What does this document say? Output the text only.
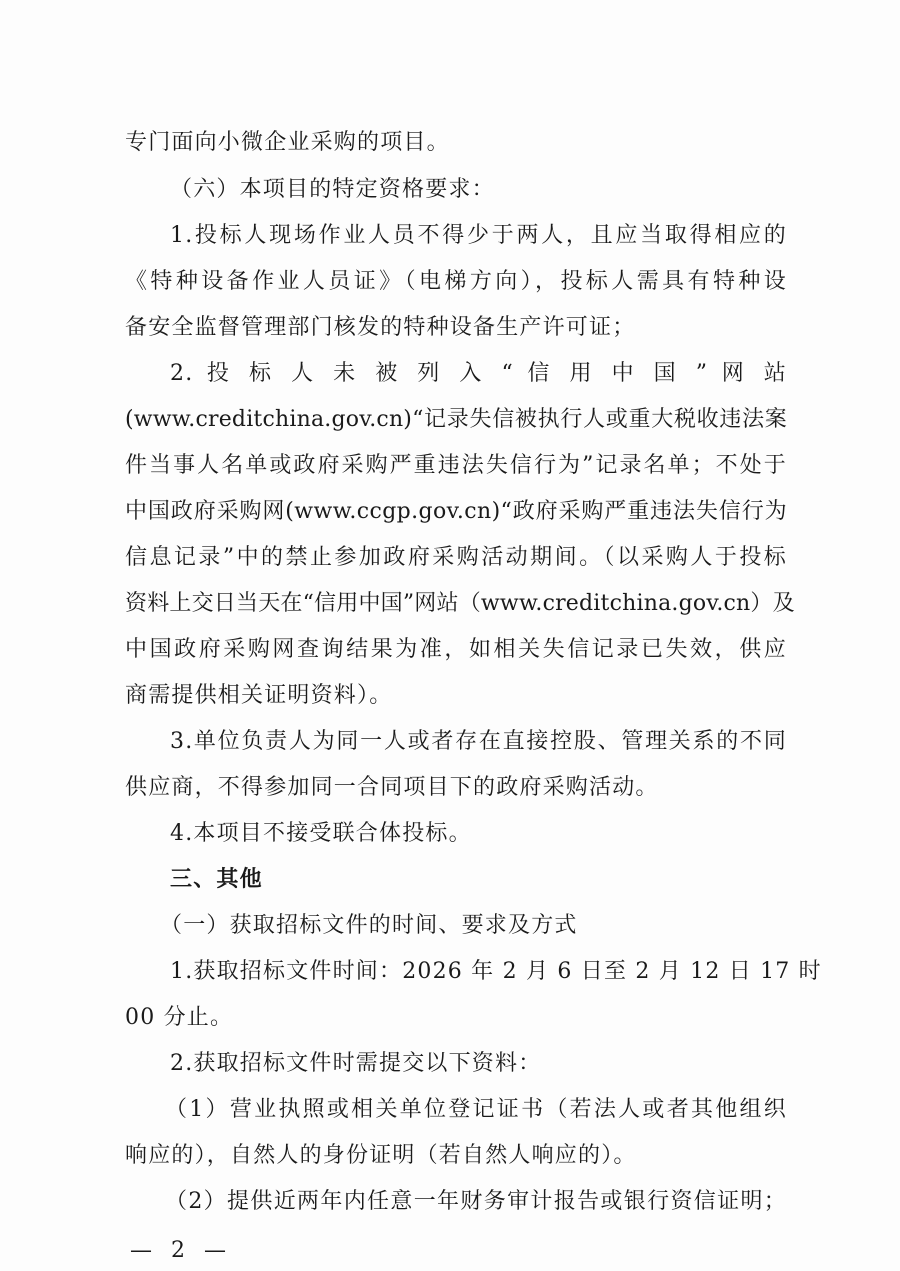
专门面向小微企业采购的项目。
（六）本项目的特定资格要求：
1.投标人现场作业人员不得少于两人，且应当取得相应的
《特种设备作业人员证》（电梯方向），投标人需具有特种设
备安全监督管理部门核发的特种设备生产许可证；
2. 投 标 人 未 被 列 入 “ 信 用 中 国 ” 网 站
(www.creditchina.gov.cn)“记录失信被执行人或重大税收违法案
件当事人名单或政府采购严重违法失信行为”记录名单；不处于
中国政府采购网(www.ccgp.gov.cn)“政府采购严重违法失信行为
信息记录”中的禁止参加政府采购活动期间。（以采购人于投标
资料上交日当天在“信用中国”网站（www.creditchina.gov.cn）及
中国政府采购网查询结果为准，如相关失信记录已失效，供应
商需提供相关证明资料）。
3.单位负责人为同一人或者存在直接控股、管理关系的不同
供应商，不得参加同一合同项目下的政府采购活动。
4.本项目不接受联合体投标。
三、其他
（一）获取招标文件的时间、要求及方式
1.获取招标文件时间：2026 年 2 月 6 日至 2 月 12 日 17 时
00 分止。
2.获取招标文件时需提交以下资料：
（1）营业执照或相关单位登记证书（若法人或者其他组织
响应的），自然人的身份证明（若自然人响应的）。
（2）提供近两年内任意一年财务审计报告或银行资信证明；
— 2 —
